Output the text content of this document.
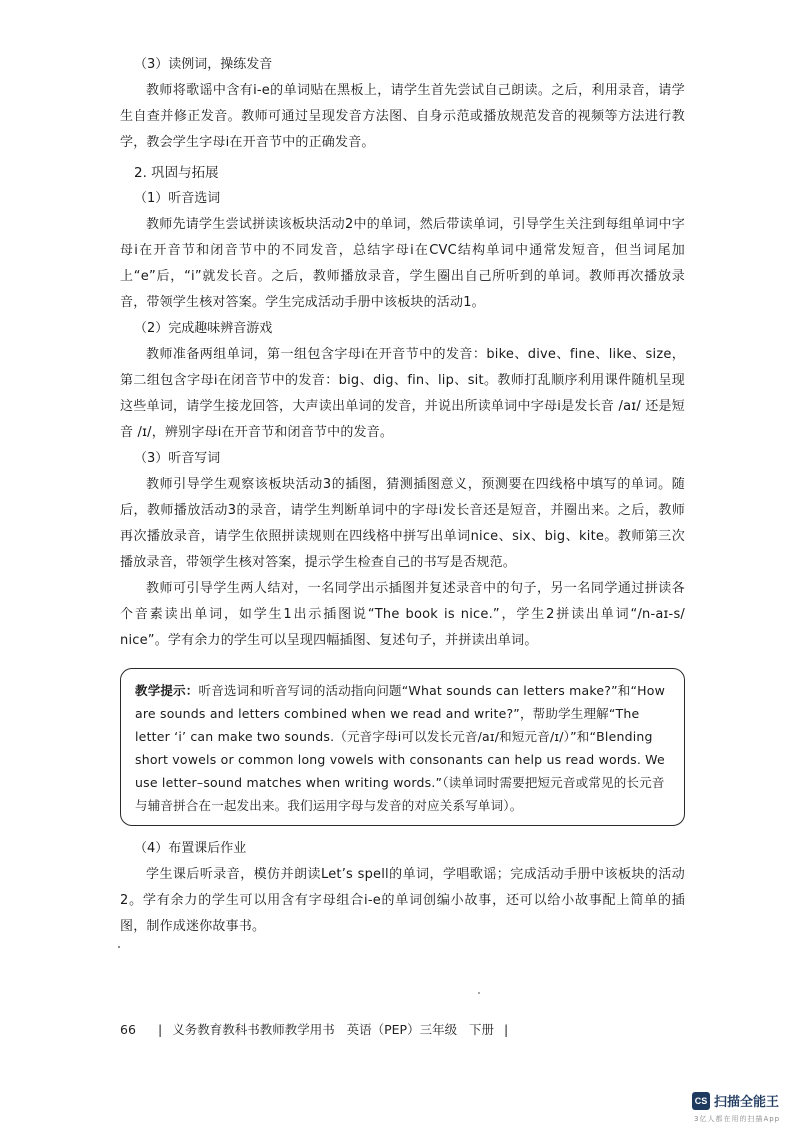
（3）读例词，操练发音

教师将歌谣中含有i-e的单词贴在黑板上，请学生首先尝试自己朗读。之后，利用录音，请学生自查并修正发音。教师可通过呈现发音方法图、自身示范或播放规范发音的视频等方法进行教学，教会学生字母i在开音节中的正确发音。

2. 巩固与拓展
（1）听音选词

教师先请学生尝试拼读该板块活动2中的单词，然后带读单词，引导学生关注到每组单词中字母i在开音节和闭音节中的不同发音，总结字母i在CVC结构单词中通常发短音，但当词尾加上“e”后，“i”就发长音。之后，教师播放录音，学生圈出自己所听到的单词。教师再次播放录音，带领学生核对答案。学生完成活动手册中该板块的活动1。

（2）完成趣味辨音游戏

教师准备两组单词，第一组包含字母i在开音节中的发音：bike、dive、fine、like、size，第二组包含字母i在闭音节中的发音：big、dig、fin、lip、sit。教师打乱顺序利用课件随机呈现这些单词，请学生接龙回答，大声读出单词的发音，并说出所读单词中字母i是发长音 /aɪ/ 还是短音 /ɪ/，辨别字母i在开音节和闭音节中的发音。

（3）听音写词

教师引导学生观察该板块活动3的插图，猜测插图意义，预测要在四线格中填写的单词。随后，教师播放活动3的录音，请学生判断单词中的字母i发长音还是短音，并圈出来。之后，教师再次播放录音，请学生依照拼读规则在四线格中拼写出单词nice、six、big、kite。教师第三次播放录音，带领学生核对答案，提示学生检查自己的书写是否规范。

教师可引导学生两人结对，一名同学出示插图并复述录音中的句子，另一名同学通过拼读各个音素读出单词，如学生1出示插图说“The book is nice.”，学生2拼读出单词“/n-aɪ-s/ nice”。学有余力的学生可以呈现四幅插图、复述句子，并拼读出单词。

教学提示：听音选词和听音写词的活动指向问题“What sounds can letters make?”和“How are sounds and letters combined when we read and write?”，帮助学生理解“The letter ‘i’ can make two sounds.（元音字母i可以发长元音/aɪ/和短元音/ɪ/）”和“Blending short vowels or common long vowels with consonants can help us read words. We use letter–sound matches when writing words.”（读单词时需要把短元音或常见的长元音与辅音拼合在一起发出来。我们运用字母与发音的对应关系写单词）。

（4）布置课后作业

学生课后听录音，模仿并朗读Let’s spell的单词，学唱歌谣；完成活动手册中该板块的活动2。学有余力的学生可以用含有字母组合i-e的单词创编小故事，还可以给小故事配上简单的插图，制作成迷你故事书。

66 | 义务教育教科书教师教学用书 英语（PEP）三年级 下册 |
CS 扫描全能王
3亿人都在用的扫描App
